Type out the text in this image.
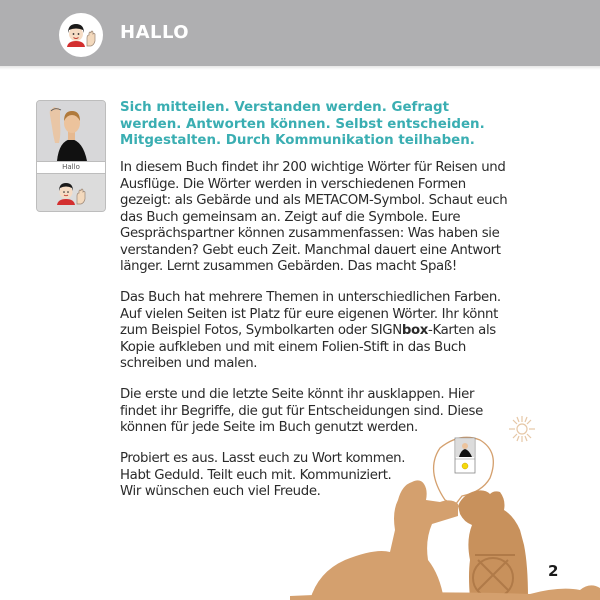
HALLO
Hallo

Sich mitteilen. Verstanden werden. Gefragt werden. Antworten können. Selbst entscheiden. Mitgestalten. Durch Kommunikation teilhaben.

In diesem Buch findet ihr 200 wichtige Wörter für Reisen und Ausflüge. Die Wörter werden in verschiedenen Formen gezeigt: als Gebärde und als METACOM-Symbol. Schaut euch das Buch gemeinsam an. Zeigt auf die Symbole. Eure Gesprächspartner können zusammenfassen: Was haben sie verstanden? Gebt euch Zeit. Manchmal dauert eine Antwort länger. Lernt zusammen Gebärden. Das macht Spaß!

Das Buch hat mehrere Themen in unterschiedlichen Farben. Auf vielen Seiten ist Platz für eure eigenen Wörter. Ihr könnt zum Beispiel Fotos, Symbolkarten oder SIGNbox-Karten als Kopie aufkleben und mit einem Folien-Stift in das Buch schreiben und malen.

Die erste und die letzte Seite könnt ihr ausklappen. Hier findet ihr Begriffe, die gut für Entscheidungen sind. Diese können für jede Seite im Buch genutzt werden.

Probiert es aus. Lasst euch zu Wort kommen.
Habt Geduld. Teilt euch mit. Kommuniziert.
Wir wünschen euch viel Freude.

2
